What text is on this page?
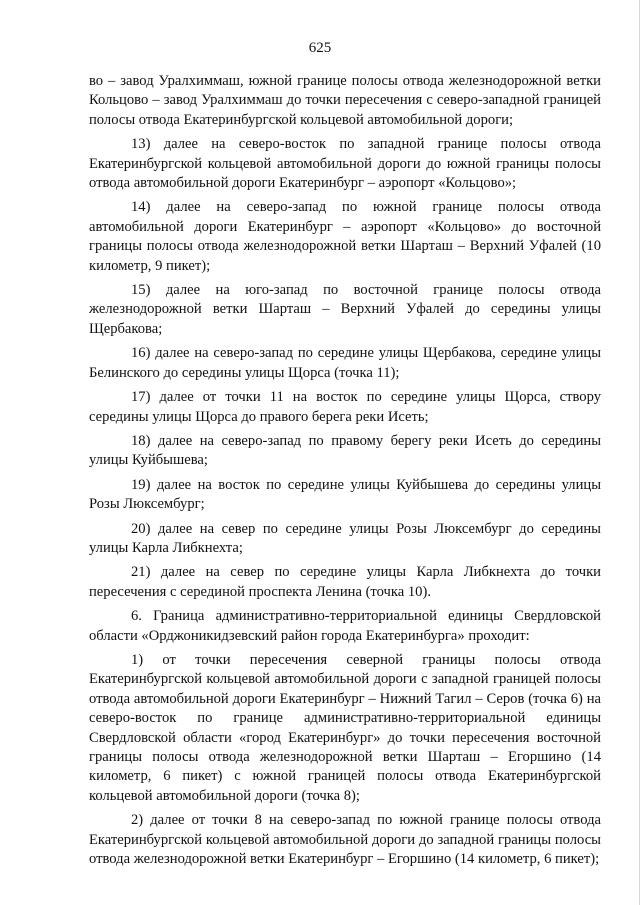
625

во – завод Уралхиммаш, южной границе полосы отвода железнодорожной ветки Кольцово – завод Уралхиммаш до точки пересечения с северо-западной границей полосы отвода Екатеринбургской кольцевой автомобильной дороги;

13) далее на северо-восток по западной границе полосы отвода Екатеринбургской кольцевой автомобильной дороги до южной границы полосы отвода автомобильной дороги Екатеринбург – аэропорт «Кольцово»;

14) далее на северо-запад по южной границе полосы отвода автомобильной дороги Екатеринбург – аэропорт «Кольцово» до восточной границы полосы отвода железнодорожной ветки Шарташ – Верхний Уфалей (10 километр, 9 пикет);

15) далее на юго-запад по восточной границе полосы отвода железнодорожной ветки Шарташ – Верхний Уфалей до середины улицы Щербакова;

16) далее на северо-запад по середине улицы Щербакова, середине улицы Белинского до середины улицы Щорса (точка 11);

17) далее от точки 11 на восток по середине улицы Щорса, створу середины улицы Щорса до правого берега реки Исеть;

18) далее на северо-запад по правому берегу реки Исеть до середины улицы Куйбышева;

19) далее на восток по середине улицы Куйбышева до середины улицы Розы Люксембург;

20) далее на север по середине улицы Розы Люксембург до середины улицы Карла Либкнехта;

21) далее на север по середине улицы Карла Либкнехта до точки пересечения с серединой проспекта Ленина (точка 10).

6. Граница административно-территориальной единицы Свердловской области «Орджоникидзевский район города Екатеринбурга» проходит:

1) от точки пересечения северной границы полосы отвода Екатеринбургской кольцевой автомобильной дороги с западной границей полосы отвода автомобильной дороги Екатеринбург – Нижний Тагил – Серов (точка 6) на северо-восток по границе административно-территориальной единицы Свердловской области «город Екатеринбург» до точки пересечения восточной границы полосы отвода железнодорожной ветки Шарташ – Егоршино (14 километр, 6 пикет) с южной границей полосы отвода Екатеринбургской кольцевой автомобильной дороги (точка 8);

2) далее от точки 8 на северо-запад по южной границе полосы отвода Екатеринбургской кольцевой автомобильной дороги до западной границы полосы отвода железнодорожной ветки Екатеринбург – Егоршино (14 километр, 6 пикет);
